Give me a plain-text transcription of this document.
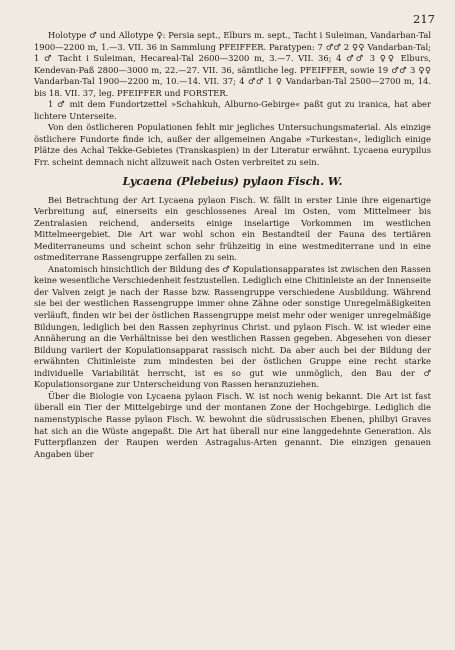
217

Holotype ♂ und Allotype ♀: Persia sept., Elburs m. sept., Tacht i Suleiman, Vandarban-Tal 1900—2200 m, 1.—3. VII. 36 in Sammlung PFEIFFER. Paratypen: 7 ♂♂ 2 ♀♀ Vandarban-Tal; 1 ♂ Tacht i Suleiman, Hecareal-Tal 2600—3200 m, 3.—7. VII. 36; 4 ♂♂ 3 ♀♀ Elburs, Kendevan-Paß 2800—3000 m, 22.—27. VII. 36, sämtliche leg. PFEIFFER, sowie 19 ♂♂ 3 ♀♀ Vandarban-Tal 1900—2200 m, 10.—14. VII. 37; 4 ♂♂ 1 ♀ Vandarban-Tal 2500—2700 m, 14. bis 18. VII. 37, leg. PFEIFFER und FORSTER.

1 ♂ mit dem Fundortzettel »Schahkuh, Alburno-Gebirge« paßt gut zu iranica, hat aber lichtere Unterseite.

Von den östlicheren Populationen fehlt mir jegliches Untersuchungsmaterial. Als einzige östlichere Fundorte finde ich, außer der allgemeinen Angabe »Turkestan«, lediglich einige Plätze des Achal Tekke-Gebietes (Transkaspien) in der Literatur erwähnt. Lycaena eurypilus Frr. scheint demnach nicht allzuweit nach Osten verbreitet zu sein.

Lycaena (Plebeius) pylaon Fisch. W.

Bei Betrachtung der Art Lycaena pylaon Fisch. W. fällt in erster Linie ihre eigenartige Verbreitung auf, einerseits ein geschlossenes Areal im Osten, vom Mittelmeer bis Zentralasien reichend, anderseits einige inselartige Vorkommen im westlichen Mittelmeergebiet. Die Art war wohl schon ein Bestandteil der Fauna des tertiären Mediterraneums und scheint schon sehr frühzeitig in eine westmediterrane und in eine ostmediterrane Rassengruppe zerfallen zu sein.

Anatomisch hinsichtlich der Bildung des ♂ Kopulationsapparates ist zwischen den Rassen keine wesentliche Verschiedenheit festzustellen. Lediglich eine Chitinleiste an der Innenseite der Valven zeigt je nach der Rasse bzw. Rassengruppe verschiedene Ausbildung. Während sie bei der westlichen Rassengruppe immer ohne Zähne oder sonstige Unregelmäßigkeiten verläuft, finden wir bei der östlichen Rassengruppe meist mehr oder weniger unregelmäßige Bildungen, lediglich bei den Rassen zephyrinus Christ. und pylaon Fisch. W. ist wieder eine Annäherung an die Verhältnisse bei den westlichen Rassen gegeben. Abgesehen von dieser Bildung variiert der Kopulationsapparat rassisch nicht. Da aber auch bei der Bildung der erwähnten Chitinleiste zum mindesten bei der östlichen Gruppe eine recht starke individuelle Variabilität herrscht, ist es so gut wie unmöglich, den Bau der ♂ Kopulationsorgane zur Unterscheidung von Rassen heranzuziehen.

Über die Biologie von Lycaena pylaon Fisch. W. ist noch wenig bekannt. Die Art ist fast überall ein Tier der Mittelgebirge und der montanen Zone der Hochgebirge. Lediglich die namenstypische Rasse pylaon Fisch. W. bewohnt die südrussischen Ebenen, philbyi Graves hat sich an die Wüste angepaßt. Die Art hat überall nur eine langgedehnte Generation. Als Futterpflanzen der Raupen werden Astragalus-Arten genannt. Die einzigen genauen Angaben über
